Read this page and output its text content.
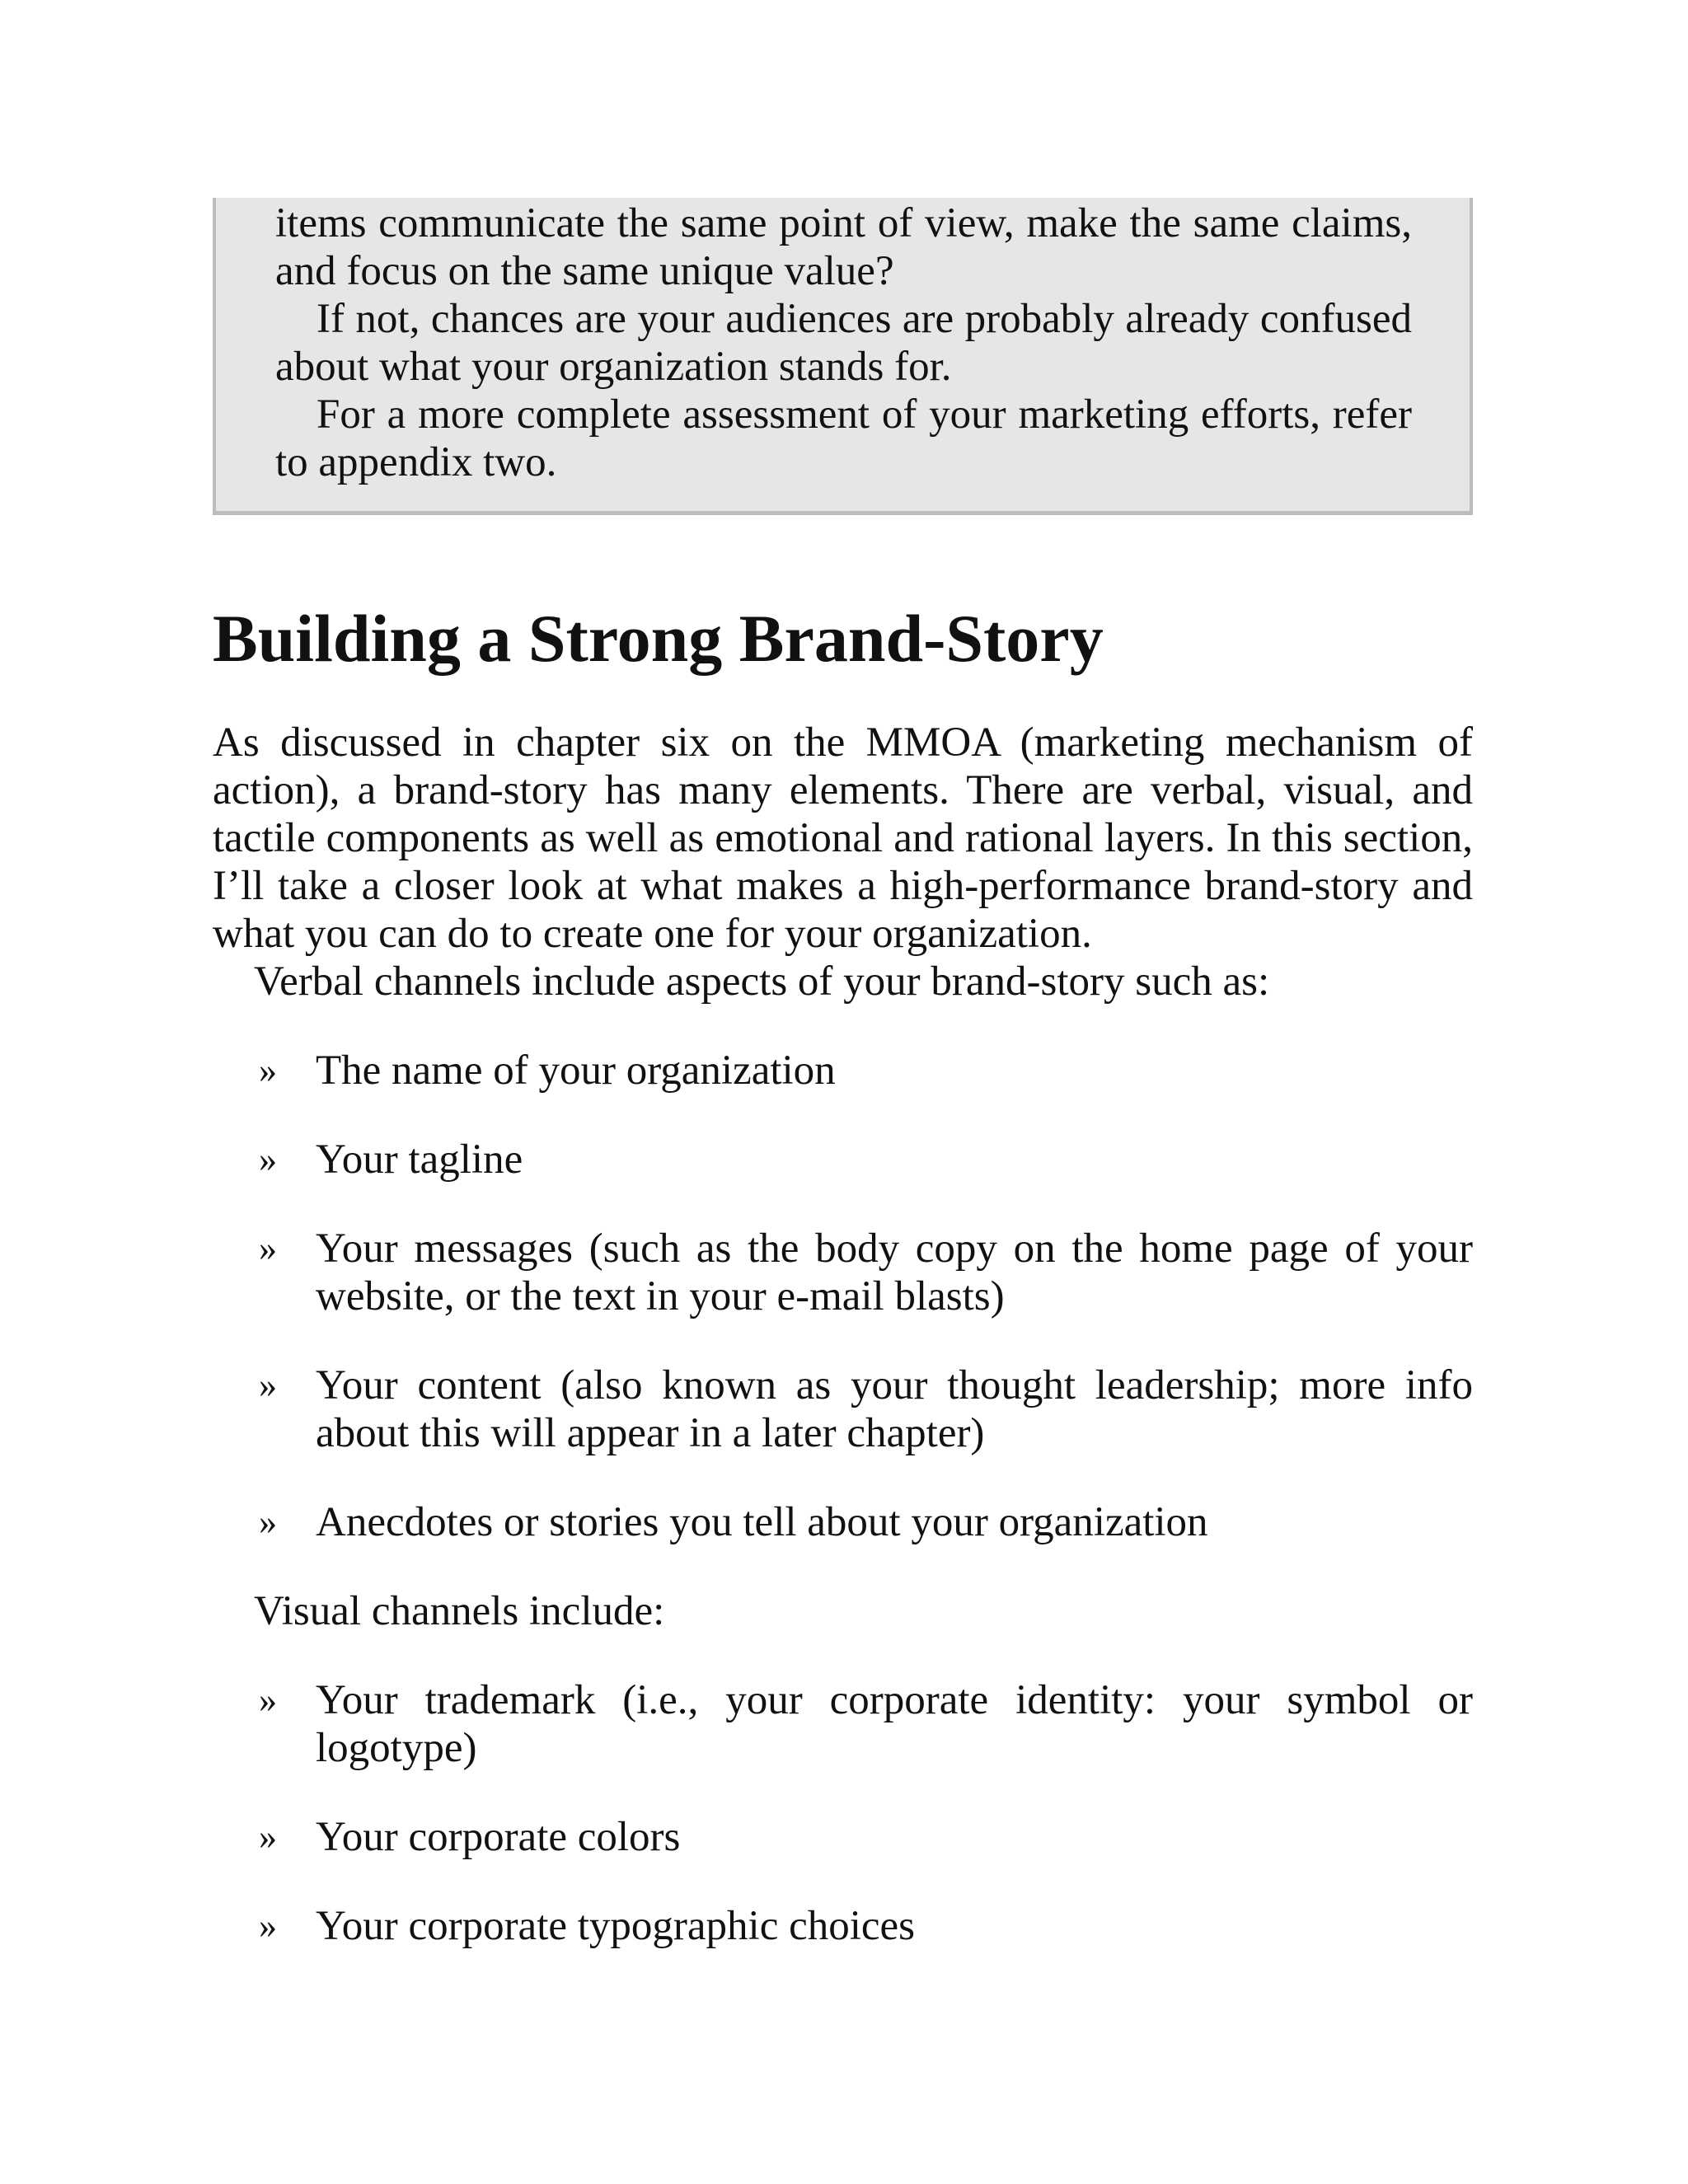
items communicate the same point of view, make the same claims, and focus on the same unique value?

If not, chances are your audiences are probably already confused about what your organization stands for.

For a more complete assessment of your marketing efforts, refer to appendix two.

Building a Strong Brand-Story

As discussed in chapter six on the MMOA (marketing mechanism of action), a brand-story has many elements. There are verbal, visual, and tactile components as well as emotional and rational layers. In this section, I’ll take a closer look at what makes a high-performance brand-story and what you can do to create one for your organization.

Verbal channels include aspects of your brand-story such as:

» The name of your organization
» Your tagline
» Your messages (such as the body copy on the home page of your website, or the text in your e-mail blasts)
» Your content (also known as your thought leadership; more info about this will appear in a later chapter)
» Anecdotes or stories you tell about your organization

Visual channels include:

» Your trademark (i.e., your corporate identity: your symbol or logotype)
» Your corporate colors
» Your corporate typographic choices
